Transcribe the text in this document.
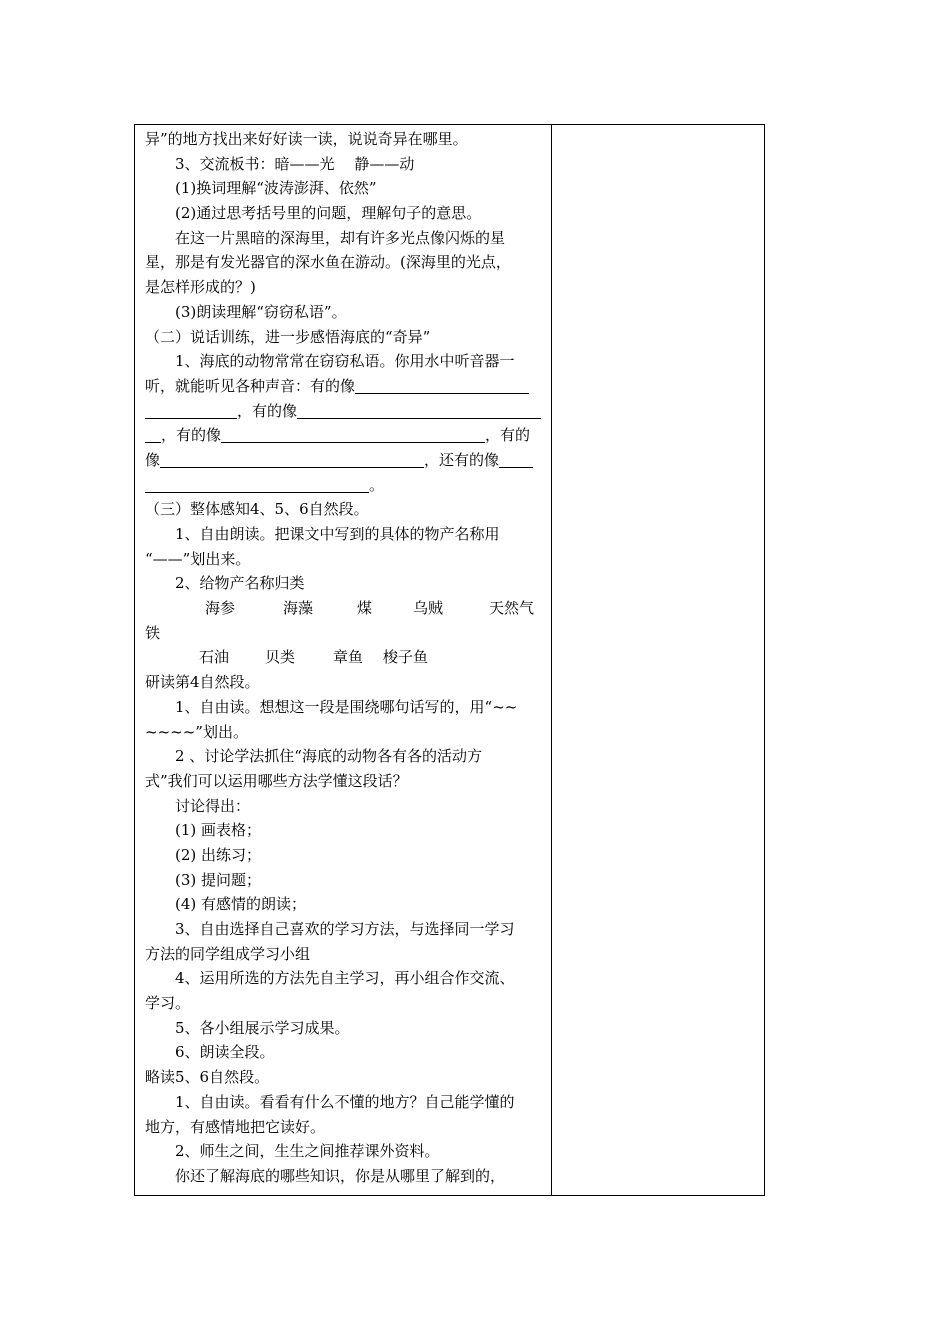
异”的地方找出来好好读一读，说说奇异在哪里。
3、交流板书：暗——光　 静——动
(1)换词理解“波涛澎湃、依然”
(2)通过思考括号里的问题，理解句子的意思。
在这一片黑暗的深海里，却有许多光点像闪烁的星
星，那是有发光器官的深水鱼在游动。(深海里的光点，
是怎样形成的？)
(3)朗读理解“窃窃私语”。
（二）说话训练，进一步感悟海底的“奇异”
1、海底的动物常常在窃窃私语。你用水中听音器一
听，就能听见各种声音：有的像
，有的像
，有的像	，有的
像	，还有的像
。
（三）整体感知4、5、6自然段。
1、自由朗读。把课文中写到的具体的物产名称用
“——”划出来。
2、给物产名称归类
海参	海藻	煤	乌贼	天然气
铁
石油 贝类	章鱼 梭子鱼
研读第4自然段。
1、自由读。想想这一段是围绕哪句话写的，用“~~
~~~~”划出。
2 、讨论学法抓住“海底的动物各有各的活动方
式”我们可以运用哪些方法学懂这段话？
讨论得出：
(1) 画表格；
(2) 出练习；
(3) 提问题；
(4) 有感情的朗读；
3、自由选择自己喜欢的学习方法，与选择同一学习
方法的同学组成学习小组
4、运用所选的方法先自主学习，再小组合作交流、
学习。
5、各小组展示学习成果。
6、朗读全段。
略读5、6自然段。
1、自由读。看看有什么不懂的地方？自己能学懂的
地方，有感情地把它读好。
2、师生之间，生生之间推荐课外资料。
你还了解海底的哪些知识，你是从哪里了解到的，
